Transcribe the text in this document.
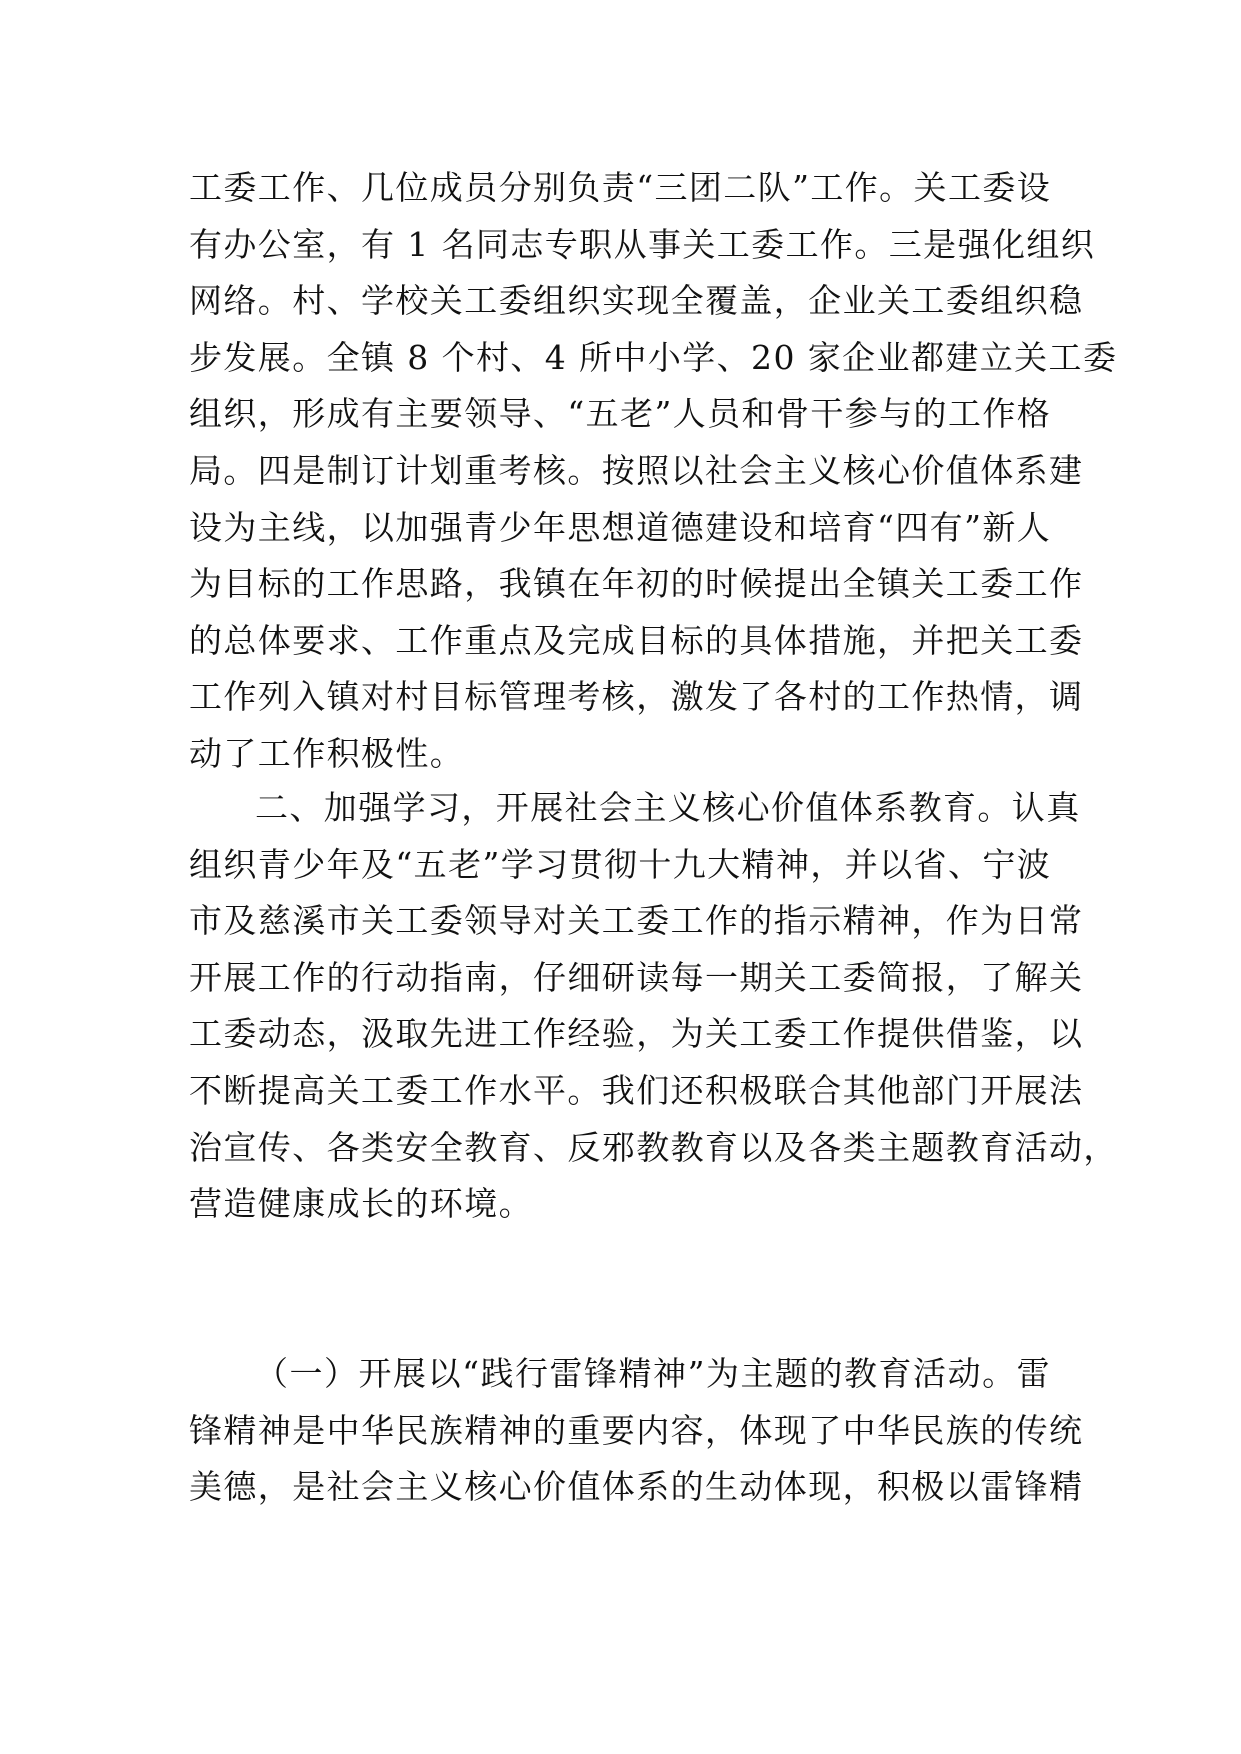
工委工作、几位成员分别负责“三团二队”工作。关工委设
有办公室，有 1 名同志专职从事关工委工作。三是强化组织
网络。村、学校关工委组织实现全覆盖，企业关工委组织稳
步发展。全镇 8 个村、4 所中小学、20 家企业都建立关工委
组织，形成有主要领导、“五老”人员和骨干参与的工作格
局。四是制订计划重考核。按照以社会主义核心价值体系建
设为主线，以加强青少年思想道德建设和培育“四有”新人
为目标的工作思路，我镇在年初的时候提出全镇关工委工作
的总体要求、工作重点及完成目标的具体措施，并把关工委
工作列入镇对村目标管理考核，激发了各村的工作热情，调
动了工作积极性。
二、加强学习，开展社会主义核心价值体系教育。认真
组织青少年及“五老”学习贯彻十九大精神，并以省、宁波
市及慈溪市关工委领导对关工委工作的指示精神，作为日常
开展工作的行动指南，仔细研读每一期关工委简报，了解关
工委动态，汲取先进工作经验，为关工委工作提供借鉴，以
不断提高关工委工作水平。我们还积极联合其他部门开展法
治宣传、各类安全教育、反邪教教育以及各类主题教育活动，
营造健康成长的环境。
（一）开展以“践行雷锋精神”为主题的教育活动。雷
锋精神是中华民族精神的重要内容，体现了中华民族的传统
美德，是社会主义核心价值体系的生动体现，积极以雷锋精
